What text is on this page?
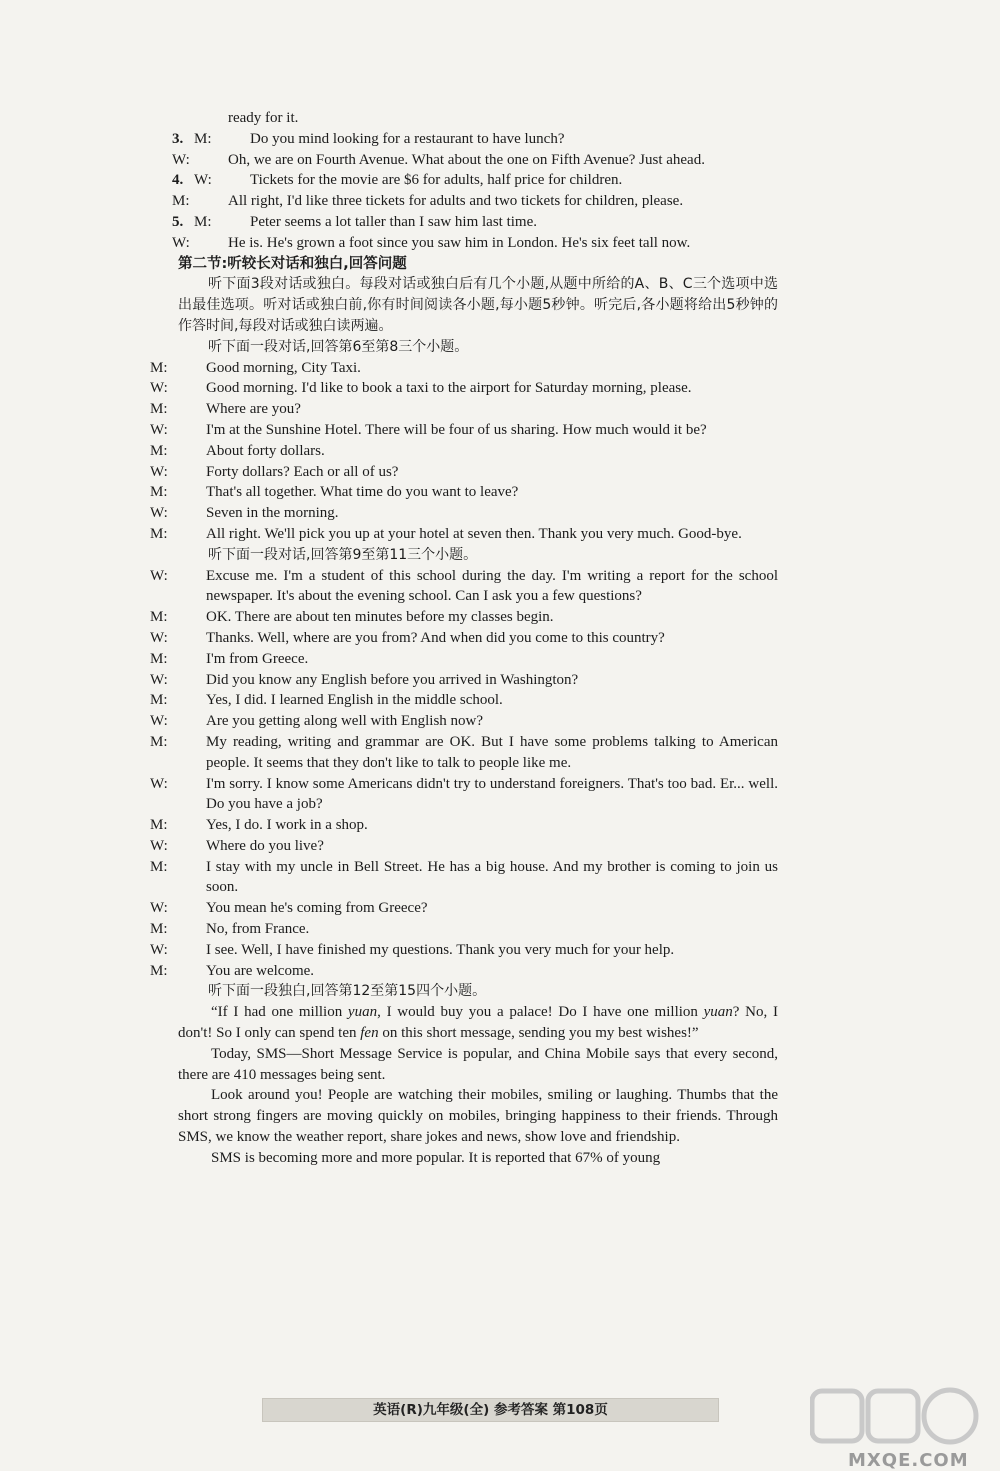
ready for it.
3. M:	Do you mind looking for a restaurant to have lunch?
W:	Oh, we are on Fourth Avenue. What about the one on Fifth Avenue? Just ahead.
4. W:	Tickets for the movie are $6 for adults, half price for children.
M:	All right, I'd like three tickets for adults and two tickets for children, please.
5. M:	Peter seems a lot taller than I saw him last time.
W:	He is. He's grown a foot since you saw him in London. He's six feet tall now.
第二节:听较长对话和独白,回答问题
听下面3段对话或独白。每段对话或独白后有几个小题,从题中所给的A、B、C三个选项中选出最佳选项。听对话或独白前,你有时间阅读各小题,每小题5秒钟。听完后,各小题将给出5秒钟的作答时间,每段对话或独白读两遍。
听下面一段对话,回答第6至第8三个小题。
M:	Good morning, City Taxi.
W:	Good morning. I'd like to book a taxi to the airport for Saturday morning, please.
M:	Where are you?
W:	I'm at the Sunshine Hotel. There will be four of us sharing. How much would it be?
M:	About forty dollars.
W:	Forty dollars? Each or all of us?
M:	That's all together. What time do you want to leave?
W:	Seven in the morning.
M:	All right. We'll pick you up at your hotel at seven then. Thank you very much. Good-bye.
听下面一段对话,回答第9至第11三个小题。
W:	Excuse me. I'm a student of this school during the day. I'm writing a report for the school newspaper. It's about the evening school. Can I ask you a few questions?
M:	OK. There are about ten minutes before my classes begin.
W:	Thanks. Well, where are you from? And when did you come to this country?
M:	I'm from Greece.
W:	Did you know any English before you arrived in Washington?
M:	Yes, I did. I learned English in the middle school.
W:	Are you getting along well with English now?
M:	My reading, writing and grammar are OK. But I have some problems talking to American people. It seems that they don't like to talk to people like me.
W:	I'm sorry. I know some Americans didn't try to understand foreigners. That's too bad. Er... well. Do you have a job?
M:	Yes, I do. I work in a shop.
W:	Where do you live?
M:	I stay with my uncle in Bell Street. He has a big house. And my brother is coming to join us soon.
W:	You mean he's coming from Greece?
M:	No, from France.
W:	I see. Well, I have finished my questions. Thank you very much for your help.
M:	You are welcome.
听下面一段独白,回答第12至第15四个小题。
“If I had one million yuan, I would buy you a palace! Do I have one million yuan? No, I don't! So I only can spend ten fen on this short message, sending you my best wishes!”
Today, SMS—Short Message Service is popular, and China Mobile says that every second, there are 410 messages being sent.
Look around you! People are watching their mobiles, smiling or laughing. Thumbs that the short strong fingers are moving quickly on mobiles, bringing happiness to their friends. Through SMS, we know the weather report, share jokes and news, show love and friendship.
SMS is becoming more and more popular. It is reported that 67% of young
英语(R)九年级(全) 参考答案 第108页
MXQE.COM
